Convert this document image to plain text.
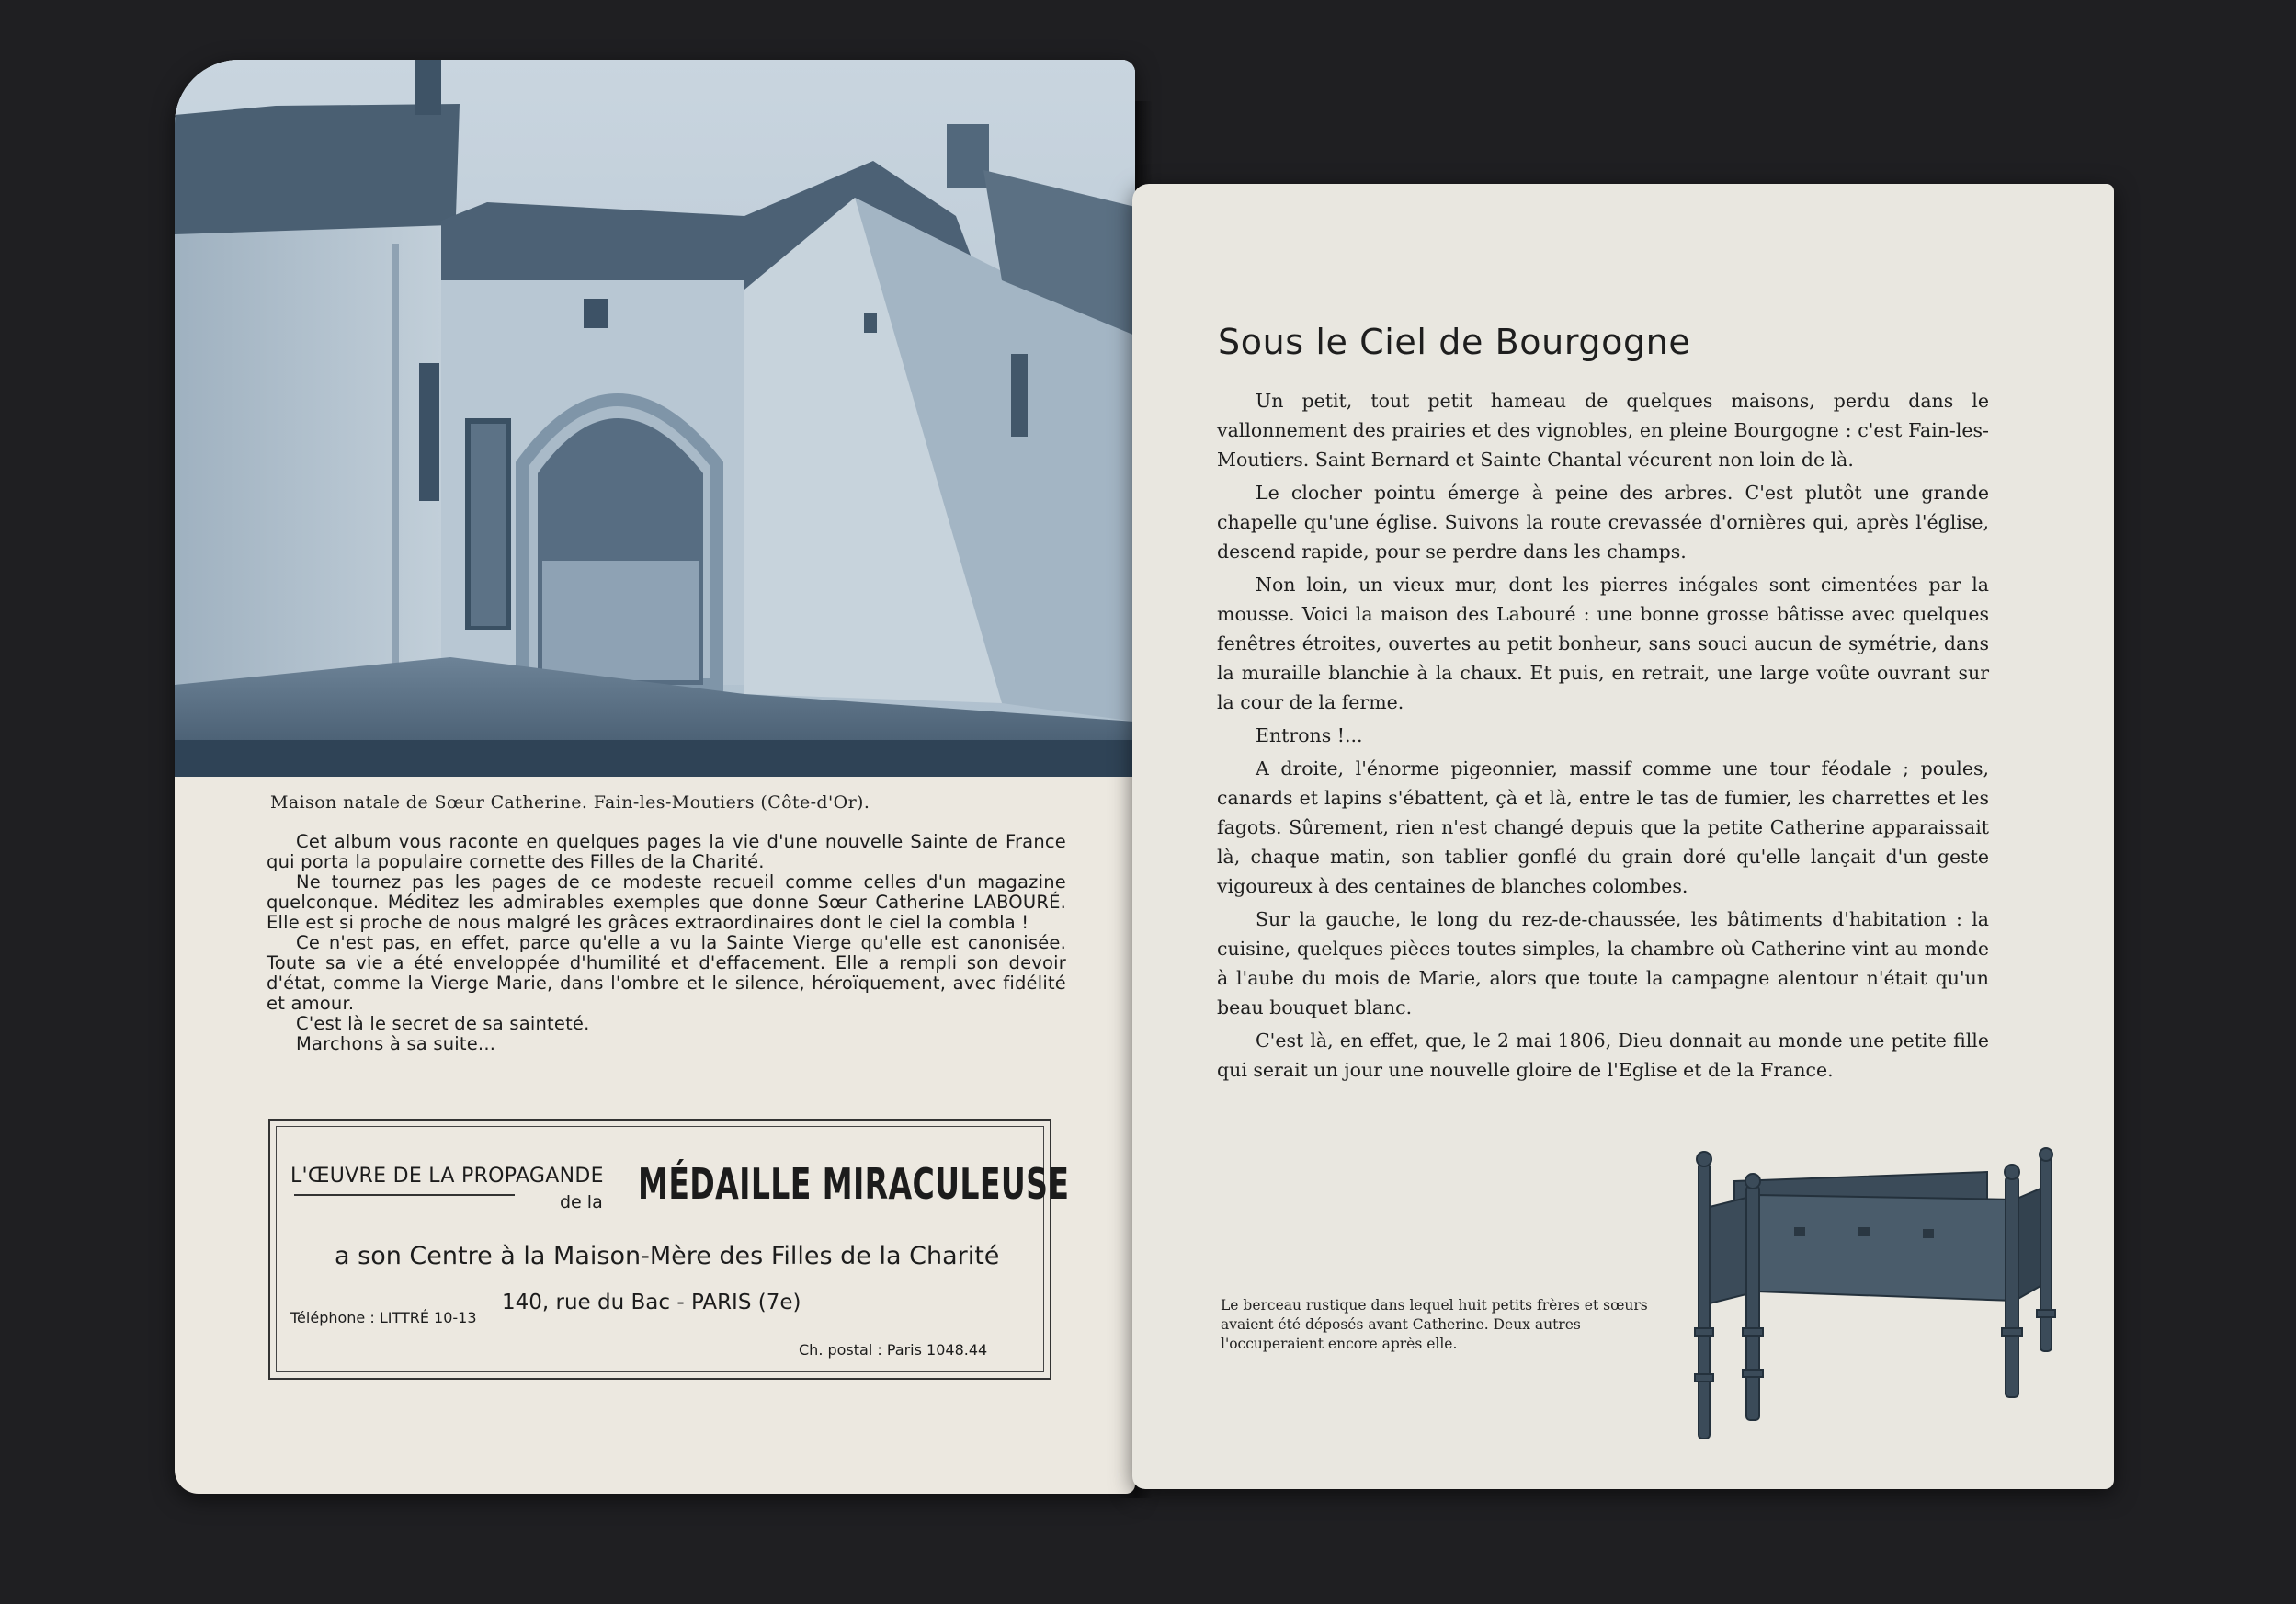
Maison natale de Sœur Catherine. Fain-les-Moutiers (Côte-d'Or).

Cet album vous raconte en quelques pages la vie d'une nouvelle Sainte de France qui porta la populaire cornette des Filles de la Charité.

Ne tournez pas les pages de ce modeste recueil comme celles d'un magazine quelconque. Méditez les admirables exemples que donne Sœur Catherine LABOURÉ. Elle est si proche de nous malgré les grâces extraordinaires dont le ciel la combla !

Ce n'est pas, en effet, parce qu'elle a vu la Sainte Vierge qu'elle est canonisée. Toute sa vie a été enveloppée d'humilité et d'effacement. Elle a rempli son devoir d'état, comme la Vierge Marie, dans l'ombre et le silence, héroïquement, avec fidélité et amour.

C'est là le secret de sa sainteté.

Marchons à sa suite...

L'ŒUVRE DE LA PROPAGANDE
de la MÉDAILLE MIRACULEUSE
a son Centre à la Maison-Mère des Filles de la Charité
140, rue du Bac - PARIS (7e)
Téléphone : LITTRÉ 10-13
Ch. postal : Paris 1048.44
Sous le Ciel de Bourgogne

Un petit, tout petit hameau de quelques maisons, perdu dans le vallonnement des prairies et des vignobles, en pleine Bourgogne : c'est Fain-les-Moutiers. Saint Bernard et Sainte Chantal vécurent non loin de là.

Le clocher pointu émerge à peine des arbres. C'est plutôt une grande chapelle qu'une église. Suivons la route crevassée d'ornières qui, après l'église, descend rapide, pour se perdre dans les champs.

Non loin, un vieux mur, dont les pierres inégales sont cimentées par la mousse. Voici la maison des Labouré : une bonne grosse bâtisse avec quelques fenêtres étroites, ouvertes au petit bonheur, sans souci aucun de symétrie, dans la muraille blanchie à la chaux. Et puis, en retrait, une large voûte ouvrant sur la cour de la ferme.

Entrons !...

A droite, l'énorme pigeonnier, massif comme une tour féodale ; poules, canards et lapins s'ébattent, çà et là, entre le tas de fumier, les charrettes et les fagots. Sûrement, rien n'est changé depuis que la petite Catherine apparaissait là, chaque matin, son tablier gonflé du grain doré qu'elle lançait d'un geste vigoureux à des centaines de blanches colombes.

Sur la gauche, le long du rez-de-chaussée, les bâtiments d'habitation : la cuisine, quelques pièces toutes simples, la chambre où Catherine vint au monde à l'aube du mois de Marie, alors que toute la campagne alentour n'était qu'un beau bouquet blanc.

C'est là, en effet, que, le 2 mai 1806, Dieu donnait au monde une petite fille qui serait un jour une nouvelle gloire de l'Eglise et de la France.

Le berceau rustique dans lequel huit petits frères et sœurs avaient été déposés avant Catherine. Deux autres l'occuperaient encore après elle.
